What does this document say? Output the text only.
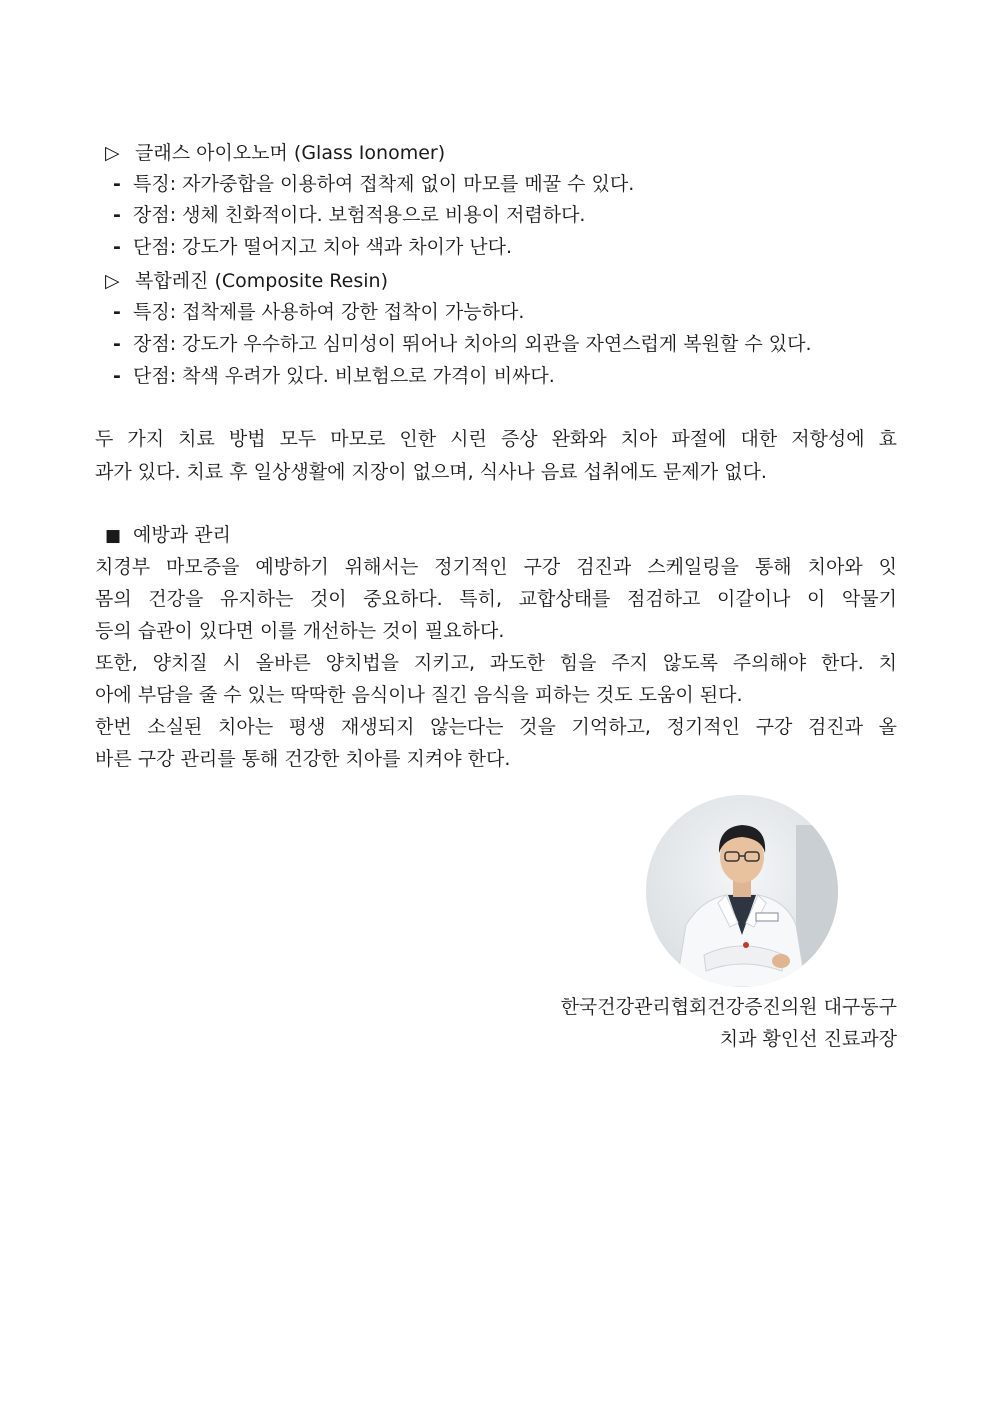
▷ 글래스 아이오노머 (Glass Ionomer)
- 특징: 자가중합을 이용하여 접착제 없이 마모를 메꿀 수 있다.
- 장점: 생체 친화적이다. 보험적용으로 비용이 저렴하다.
- 단점: 강도가 떨어지고 치아 색과 차이가 난다.
▷ 복합레진 (Composite Resin)
- 특징: 접착제를 사용하여 강한 접착이 가능하다.
- 장점: 강도가 우수하고 심미성이 뛰어나 치아의 외관을 자연스럽게 복원할 수 있다.
- 단점: 착색 우려가 있다. 비보험으로 가격이 비싸다.
두 가지 치료 방법 모두 마모로 인한 시린 증상 완화와 치아 파절에 대한 저항성에 효
과가 있다. 치료 후 일상생활에 지장이 없으며, 식사나 음료 섭취에도 문제가 없다.
■ 예방과 관리
치경부 마모증을 예방하기 위해서는 정기적인 구강 검진과 스케일링을 통해 치아와 잇
몸의 건강을 유지하는 것이 중요하다. 특히, 교합상태를 점검하고 이갈이나 이 악물기
등의 습관이 있다면 이를 개선하는 것이 필요하다.
또한, 양치질 시 올바른 양치법을 지키고, 과도한 힘을 주지 않도록 주의해야 한다. 치
아에 부담을 줄 수 있는 딱딱한 음식이나 질긴 음식을 피하는 것도 도움이 된다.
한번 소실된 치아는 평생 재생되지 않는다는 것을 기억하고, 정기적인 구강 검진과 올
바른 구강 관리를 통해 건강한 치아를 지켜야 한다.
한국건강관리협회건강증진의원 대구동구
치과 황인선 진료과장
